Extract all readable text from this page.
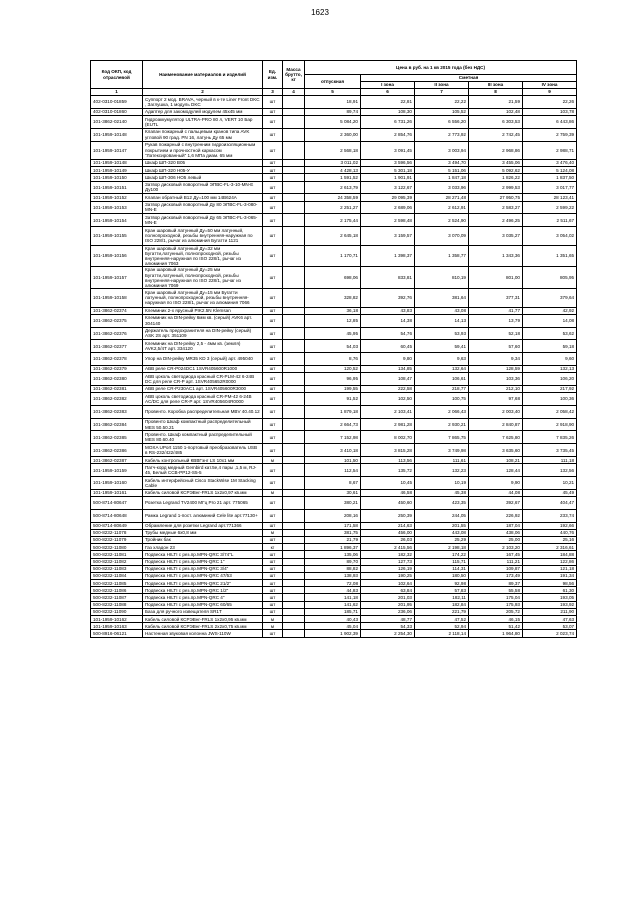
1623
Код ОКП, код отраслевой	Наименование материалов и изделий	Ед. изм.	Масса брутто, кг	Цена в руб. на 1 кв 2015 года (без НДС)				
				отпускная	Сметная			
					I зона	II зона	III зона	IV зона
1	2	3	4	5	6	7	8	9
402-0310-01859	Суппорт 2 мод. BRAVA, черный в к-те Liner Front DKC , Заглушка, 1 модуль DKC	шт		18,91	22,81	22,22	21,59	22,26
402-0310-01860	Адаптер для закомодулей модулем 45х45 мм	шт		89,74	108,30	105,52	102,48	103,78
101-3862-02140	Гидроаккумулятор ULTRA-PRO 80 л, VERT 10 Бар (EUTL	шт		5 084,20	6 731,26	6 556,20	6 303,53	6 443,86
101-1959-10148	Клапан пожарный с пальцевым кранов типа AVK угловой 90 град. PN 16, латунь Ду 65 мм	шт		2 360,00	2 854,76	2 773,92	2 742,45	2 759,39
101-1959-10147	Рукав пожарный с внутренним гидроизоляционным покрытием и прочностной каркасом "Латексированный" 1,6 МПа диам. 65 мм	шт		2 568,18	3 091,45	3 003,94	2 968,86	2 988,71
101-1959-10148	Шкаф ШП-320 В05	шт		3 011,02	3 596,56	3 494,70	3 455,06	3 476,40
101-1959-10149	Шкаф ШП-320 Н05-У	шт		4 428,13	5 301,18	5 151,06	5 092,62	5 124,08
101-1959-10150	Шкаф ШП-306 НО5 левый	шт		1 591,52	1 901,91	1 847,18	1 826,22	1 837,50
101-1959-10151	Затвор дисковый поворотный ЭПВС-FL-3-10-MN-E Ду100	шт		2 613,79	3 122,67	3 033,96	2 999,53	3 017,77
101-1959-10152	Клапан обратный B12 Ду=100 мм 14B624А	шт		24 358,59	29 095,39	28 271,48	27 950,75	28 123,41
101-1959-10153	Затвор дисковый поворотный Ду 80 ЭПВС-FL-3-080-MN-E	шт		2 251,27	2 689,06	2 612,91	2 583,27	2 599,22
101-1959-10154	Затвор дисковый поворотный Ду 65 ЭПВС-FL-3-065-MN-E	шт		2 175,44	2 598,48	2 524,90	2 496,25	2 511,67
101-1959-10155	Кран шаровый латунный Ду=50 мм латунный, полнопроходной, резьбы внутренняя-наружная по ISO 228/1, рычаг из алюминия Бугатти 1121	шт		2 645,18	3 159,57	3 070,09	3 035,27	3 054,02
101-1959-10156	Кран шаровый латунный Ду=32 мм Бугатти,латунный, полнопроходной, резьбы внутренняя-наружная по ISO 228/1, рычаг из алюминия 7063	шт		1 170,71	1 398,37	1 358,77	1 343,36	1 351,65
101-1959-10157	Кран шаровый латунный Ду=25 мм Бугатти,латунный, полнопроходной, резьбы внутренняя-наружная по ISO 228/1, рычаг из алюминия 7069	шт		698,06	833,81	810,19	801,00	805,95
101-1959-10158	Кран шаровый латунный Ду=15 мм Бугатти латунный, полнопроходной, резьбы внутренняя-наружная по ISO 228/1, рычаг из алюминия 7066	шт		328,82	392,76	381,64	377,31	379,64
101-3862-02374	Клеммник 2-х ярусный PIK2.5N Klemsan	шт		36,18	43,83	43,08	41,77	42,92
101-3862-02375	Клеммник на DIN-рейку 6мм кв. (серый) AVK6 арт. 304140	шт		12,85	14,38	14,13	13,79	14,08
101-3862-02376	Держатель предохранителя на DIN-рейку (серый) ASK 2S арт. 351109	шт		45,95	54,76	53,93	52,18	53,62
101-3862-02377	Клеммник на DIN-рейку 2,5 - 4мм кв. (земля) AVK2,5/4Т арт. 334120	шт		54,03	60,45	59,41	57,60	59,18
101-3862-02378	Упор на DIN-рейку MR35 KD 3 (серый) арт. 495040	шт		8,76	9,80	9,63	9,34	9,60
101-3862-02379	ABB реле CR-P024DC1 1SVR405600R1000	шт		120,52	134,85	132,64	128,59	132,13
101-3862-02380	ABB цоколь светодиода красный CR-PLM-42 6-24В DC для реле CR-P арт. 1SVR405652R0000	шт		96,95	108,47	106,61	103,36	106,20
101-3862-02381	ABB реле CR-P230AC1 арт. 1SVR405600R3000	шт		199,55	222,58	218,77	212,10	217,92
101-3862-02382	ABB цоколь светодиода красный CR-PM-42 6-24В AC/DC для реле CR-P арт. 1SVR405604R0000	шт		91,52	102,50	100,75	97,68	100,36
101-3862-02383	Провенто. Коробка распределительная MBV 40.40.12	шт		1 879,18	2 103,41	2 066,43	2 003,40	2 058,42
101-3862-02384	Провенто Шкаф компактный распределительный MES 50.50.21	шт		2 664,73	2 981,28	2 930,21	2 840,87	2 918,90
101-3862-02385	Провенто. Шкаф компактный распределительный MES 80.60.40	шт		7 152,98	8 002,70	7 865,75	7 625,80	7 835,26
101-3862-02386	MOXA UPort 1150 1-портовый преобразователь USB в RS-232/422/485	шт		3 410,18	3 815,28	3 749,98	3 635,60	3 735,45
101-3862-02387	Кабель контрольный КВВГэнг LS 10х1 мм	м		101,50	113,56	111,61	108,21	111,18
101-1959-10159	Патч-корд медный Gembird кат.5е,4 пары ,1,5 м, RJ-45, Белый CCB-PP12-S5-5	шт		112,54	135,72	132,23	128,44	132,56
101-1959-10160	Кабель интерфейсный Cisco StackWise 1М Stacking Cable	шт		8,67	10,45	10,19	9,90	10,21
101-1959-10161	Кабель силовой КСРЭВнг-FRLS 1х2х0,97 кв.мм	м		30,61	46,58	45,38	44,08	45,49
500-8714-80647	Розетка Legrand TV2400 МГц Pro 21 арт. 775065	шт		380,21	450,60	423,35	392,67	404,47
500-8714-80648	Рамка Legrand 1-пост. алюминий Cele lite арт.77130+	шт		208,16	250,39	244,05	226,92	233,74
500-8714-80649	Обрамление для розетки Legrand арт.771366	шт		171,58	214,63	201,55	187,04	192,66
500-8232-11078	Трубы медные 6х0,8 мм	м		381,75	456,00	443,08	438,06	440,76
500-8232-11079	Тройник бак	шт		21,79	26,03	25,29	25,00	25,16
500-8232-11080	Газ хладон 23	кг		1 896,37	2 415,56	2 198,18	2 103,20	2 316,61
500-8232-11081	Подвеска HILTI с рез.пр.MPN-QRC 3/74"L	шт		135,06	182,32	174,22	167,45	184,88
500-8232-11082	Подвеска HILTI с рез.пр.MPN-QRC 1"	шт		89,70	127,73	115,71	111,21	122,86
500-8232-11083	Подвеска HILTI с рез.пр.MPN-QRC 3/4"	шт		88,82	126,19	114,31	109,87	121,18
500-8232-11084	Подвеска HILTI с рез.пр.MPN-QRC 47/53	шт		138,93	190,25	180,50	173,49	191,34
500-8232-11085	Подвеска HILTI с рез.пр.MPN-QRC 21/2"	шт		72,08	102,64	92,98	89,37	98,56
500-8232-11086	Подвеска HILTI с рез.пр.MPN-QRC 1/2"	шт		44,83	63,84	57,83	55,58	61,30
500-8232-11087	Подвеска HILTI с рез.пр.MPN-QRC 4"	шт		141,18	201,03	182,11	175,04	193,05
500-8232-11088	Подвеска HILTI с рез.пр.MPN-QRC 60/65	шт		141,62	201,95	182,84	175,93	193,92
500-8232-11090	База для ручного извещателя SR1T	шт		185,71	236,06	221,79	205,72	211,90
101-1959-10162	Кабель силовой КСРЭВнг-FRLS 1х2х0,95 кв.мм	м		40,43	48,77	47,52	46,15	47,63
101-1959-10163	Кабель силовой КСРЭВнг-FRLS 2х2х0,75 кв.мм	м		45,04	54,33	52,94	51,42	53,07
500-8916-06121	Настенная звуковая колонна JWS-110W	шт		1 902,39	2 254,30	2 118,14	1 964,80	2 023,74
